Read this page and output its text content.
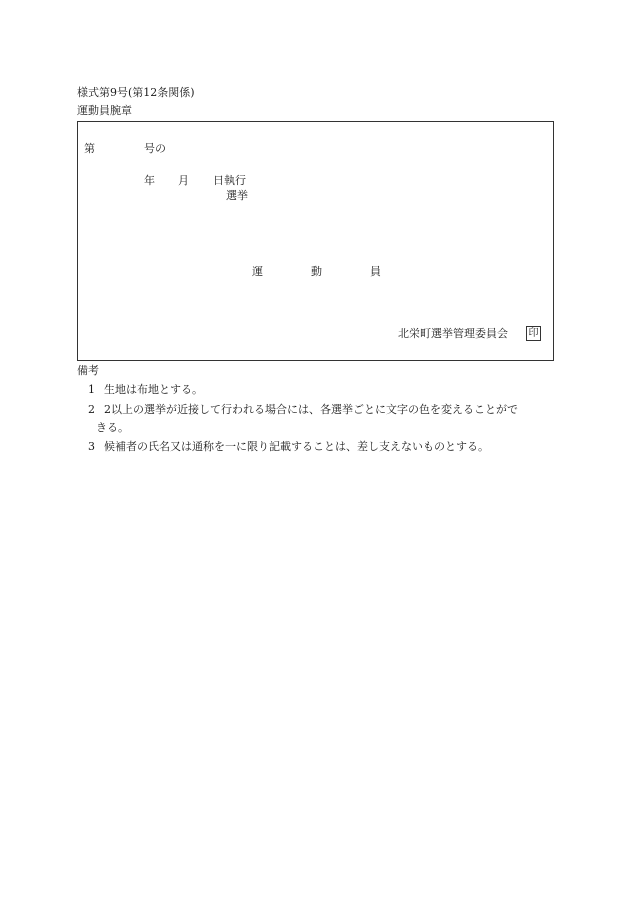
様式第9号(第12条関係)
運動員腕章
第	号の
年 月 日執行
選挙
運	動	員
北栄町選挙管理委員会 印
備考
1 生地は布地とする。
2 2以上の選挙が近接して行われる場合には、各選挙ごとに文字の色を変えることがで
きる。
3 候補者の氏名又は通称を一に限り記載することは、差し支えないものとする。
